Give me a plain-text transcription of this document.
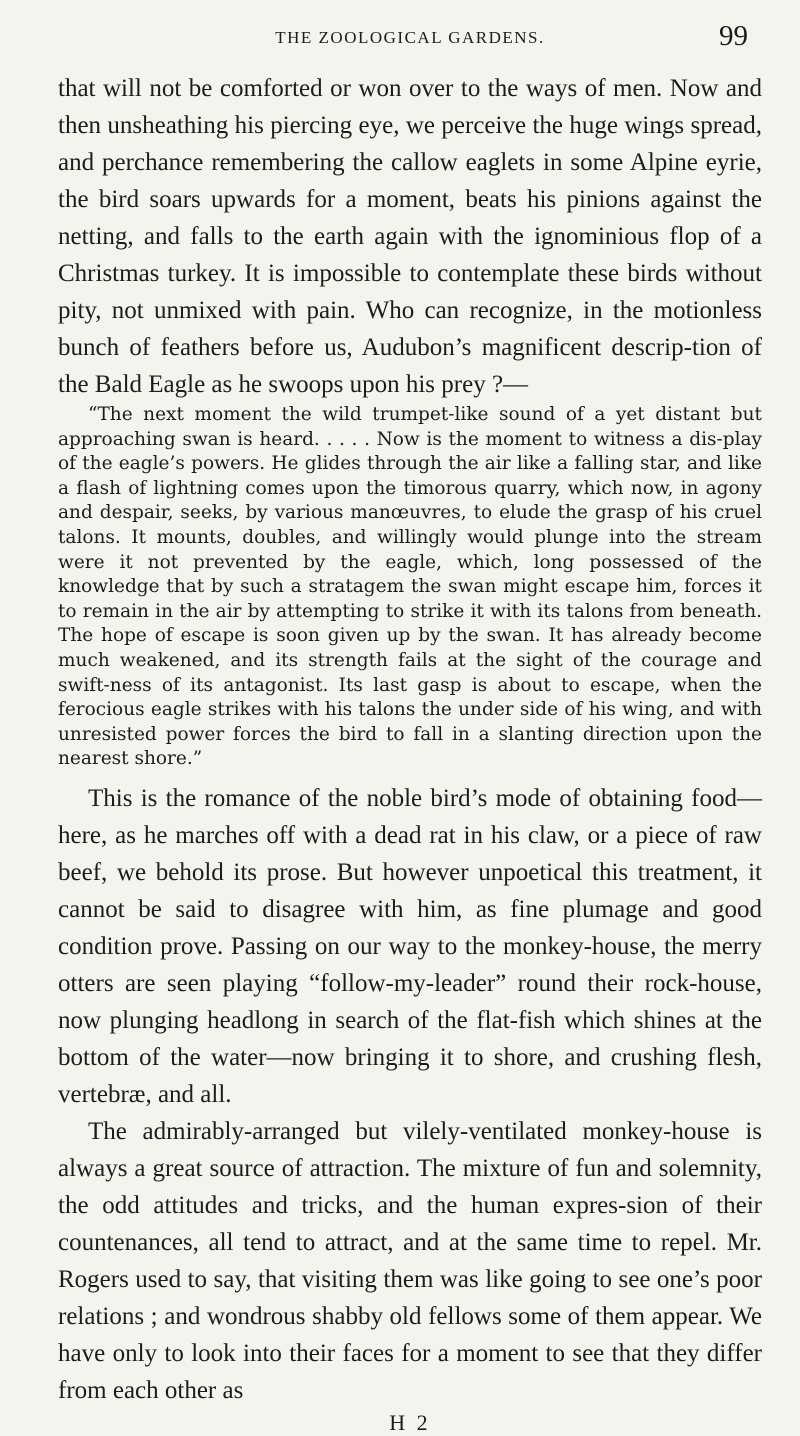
THE ZOOLOGICAL GARDENS.	99

that will not be comforted or won over to the ways of men. Now and then unsheathing his piercing eye, we perceive the huge wings spread, and perchance remembering the callow eaglets in some Alpine eyrie, the bird soars upwards for a moment, beats his pinions against the netting, and falls to the earth again with the ignominious flop of a Christmas turkey. It is impossible to contemplate these birds without pity, not unmixed with pain. Who can recognize, in the motionless bunch of feathers before us, Audubon’s magnificent descrip-tion of the Bald Eagle as he swoops upon his prey ?—

“The next moment the wild trumpet-like sound of a yet distant but approaching swan is heard. . . . . Now is the moment to witness a dis-play of the eagle’s powers. He glides through the air like a falling star, and like a flash of lightning comes upon the timorous quarry, which now, in agony and despair, seeks, by various manœuvres, to elude the grasp of his cruel talons. It mounts, doubles, and willingly would plunge into the stream were it not prevented by the eagle, which, long possessed of the knowledge that by such a stratagem the swan might escape him, forces it to remain in the air by attempting to strike it with its talons from beneath. The hope of escape is soon given up by the swan. It has already become much weakened, and its strength fails at the sight of the courage and swift-ness of its antagonist. Its last gasp is about to escape, when the ferocious eagle strikes with his talons the under side of his wing, and with unresisted power forces the bird to fall in a slanting direction upon the nearest shore.”

This is the romance of the noble bird’s mode of obtaining food—here, as he marches off with a dead rat in his claw, or a piece of raw beef, we behold its prose. But however unpoetical this treatment, it cannot be said to disagree with him, as fine plumage and good condition prove. Passing on our way to the monkey-house, the merry otters are seen playing “follow-my-leader” round their rock-house, now plunging headlong in search of the flat-fish which shines at the bottom of the water—now bringing it to shore, and crushing flesh, vertebræ, and all.

The admirably-arranged but vilely-ventilated monkey-house is always a great source of attraction. The mixture of fun and solemnity, the odd attitudes and tricks, and the human expres-sion of their countenances, all tend to attract, and at the same time to repel. Mr. Rogers used to say, that visiting them was like going to see one’s poor relations ; and wondrous shabby old fellows some of them appear. We have only to look into their faces for a moment to see that they differ from each other as

H 2
